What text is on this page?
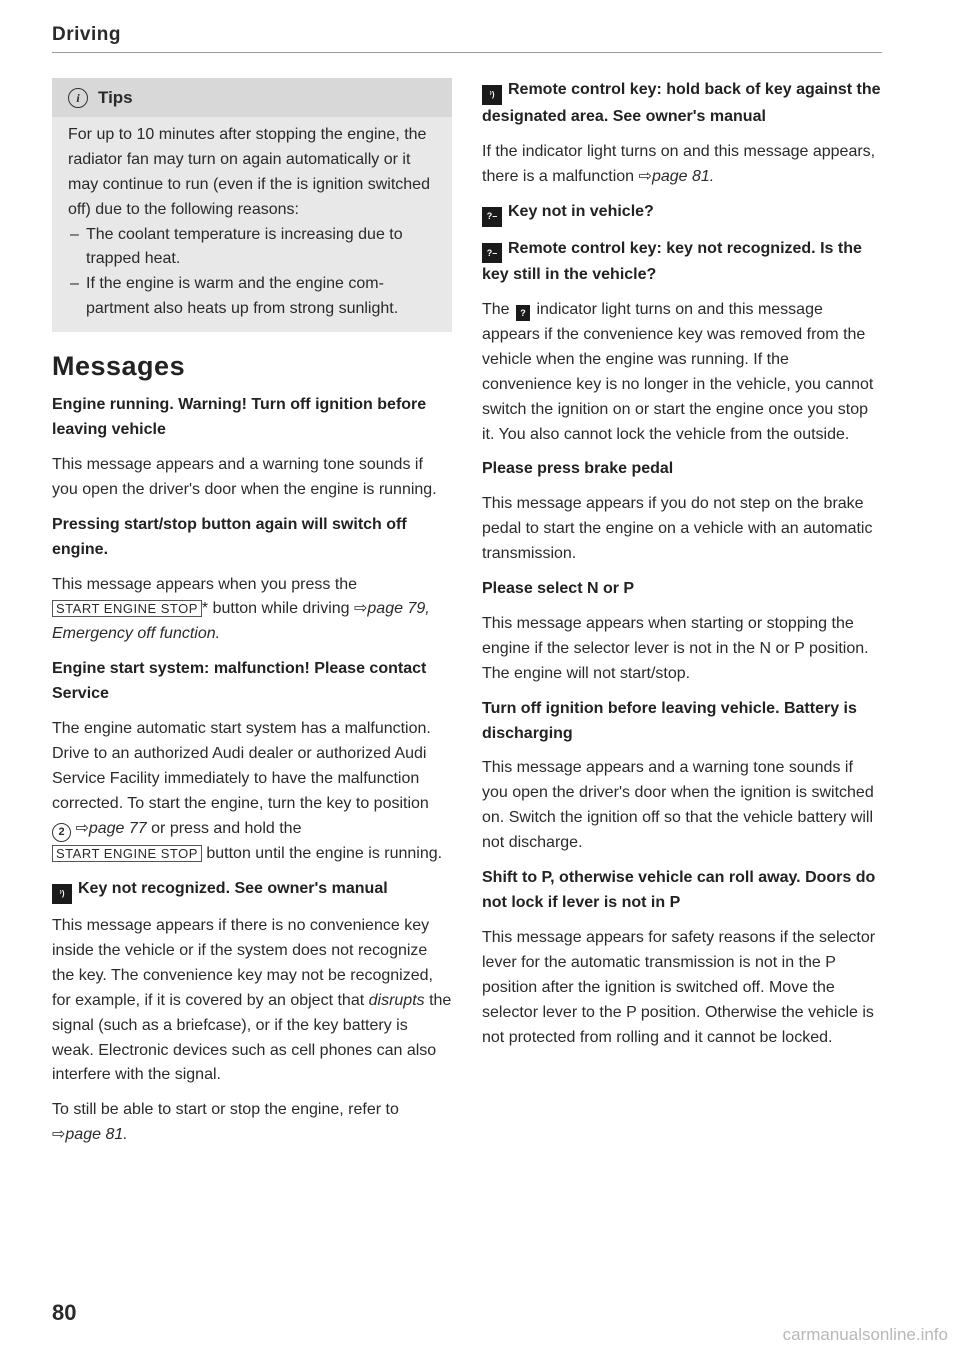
Driving
i	Tips

For up to 10 minutes after stopping the engine, the radiator fan may turn on again automatically or it may continue to run (even if the is ignition switched off) due to the following reasons:

– The coolant temperature is increasing due to trapped heat.
– If the engine is warm and the engine compartment also heats up from strong sunlight.
Messages

Engine running. Warning! Turn off ignition before leaving vehicle

This message appears and a warning tone sounds if you open the driver's door when the engine is running.

Pressing start/stop button again will switch off engine.

This message appears when you press the START ENGINE STOP * button while driving ⇨page 79, Emergency off function.

Engine start system: malfunction! Please contact Service

The engine automatic start system has a malfunction. Drive to an authorized Audi dealer or authorized Audi Service Facility immediately to have the malfunction corrected. To start the engine, turn the key to position 2 ⇨page 77 or press and hold the START ENGINE STOP button until the engine is running.

⁾) Key not recognized. See owner's manual

This message appears if there is no convenience key inside the vehicle or if the system does not recognize the key. The convenience key may not be recognized, for example, if it is covered by an object that disrupts the signal (such as a briefcase), or if the key battery is weak. Electronic devices such as cell phones can also interfere with the signal.

To still be able to start or stop the engine, refer to ⇨page 81.

⁾) Remote control key: hold back of key against the designated area. See owner's manual

If the indicator light turns on and this message appears, there is a malfunction ⇨page 81.

?– Key not in vehicle?

?– Remote control key: key not recognized. Is the key still in the vehicle?

The ? indicator light turns on and this message appears if the convenience key was removed from the vehicle when the engine was running. If the convenience key is no longer in the vehicle, you cannot switch the ignition on or start the engine once you stop it. You also cannot lock the vehicle from the outside.

Please press brake pedal

This message appears if you do not step on the brake pedal to start the engine on a vehicle with an automatic transmission.

Please select N or P

This message appears when starting or stopping the engine if the selector lever is not in the N or P position. The engine will not start/stop.

Turn off ignition before leaving vehicle. Battery is discharging

This message appears and a warning tone sounds if you open the driver's door when the ignition is switched on. Switch the ignition off so that the vehicle battery will not discharge.

Shift to P, otherwise vehicle can roll away. Doors do not lock if lever is not in P

This message appears for safety reasons if the selector lever for the automatic transmission is not in the P position after the ignition is switched off. Move the selector lever to the P position. Otherwise the vehicle is not protected from rolling and it cannot be locked.

80
carmanualsonline.info
